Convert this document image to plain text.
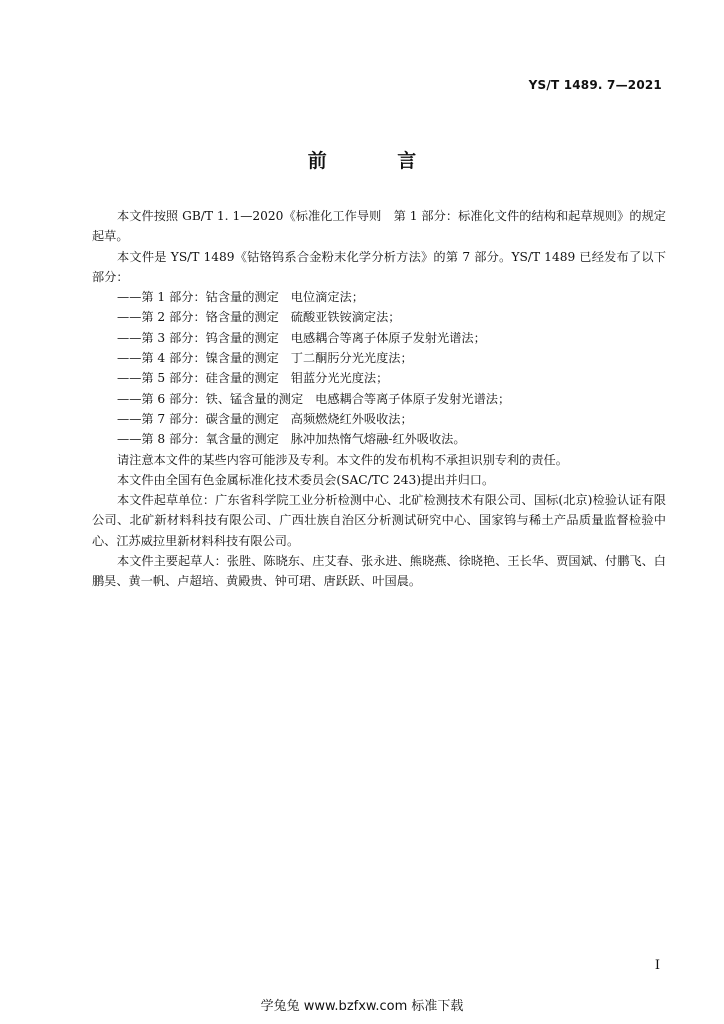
YS/T 1489. 7—2021
前 言

本文件按照 GB/T 1. 1—2020《标准化工作导则　第 1 部分：标准化文件的结构和起草规则》的规定起草。

本文件是 YS/T 1489《钴铬钨系合金粉末化学分析方法》的第 7 部分。YS/T 1489 已经发布了以下部分：

——第 1 部分：钴含量的测定 电位滴定法；
——第 2 部分：铬含量的测定 硫酸亚铁铵滴定法；
——第 3 部分：钨含量的测定 电感耦合等离子体原子发射光谱法；
——第 4 部分：镍含量的测定 丁二酮肟分光光度法；
——第 5 部分：硅含量的测定 钼蓝分光光度法；
——第 6 部分：铁、锰含量的测定 电感耦合等离子体原子发射光谱法；
——第 7 部分：碳含量的测定 高频燃烧红外吸收法；
——第 8 部分：氧含量的测定 脉冲加热惰气熔融-红外吸收法。

请注意本文件的某些内容可能涉及专利。本文件的发布机构不承担识别专利的责任。

本文件由全国有色金属标准化技术委员会(SAC/TC 243)提出并归口。

本文件起草单位：广东省科学院工业分析检测中心、北矿检测技术有限公司、国标(北京)检验认证有限公司、北矿新材料科技有限公司、广西壮族自治区分析测试研究中心、国家钨与稀土产品质量监督检验中心、江苏威拉里新材料科技有限公司。

本文件主要起草人：张胜、陈晓东、庄艾春、张永进、熊晓燕、徐晓艳、王长华、贾国斌、付鹏飞、白鹏昊、黄一帆、卢超培、黄殿贵、钟可珺、唐跃跃、叶国晨。

I
学兔兔 www.bzfxw.com 标准下载
